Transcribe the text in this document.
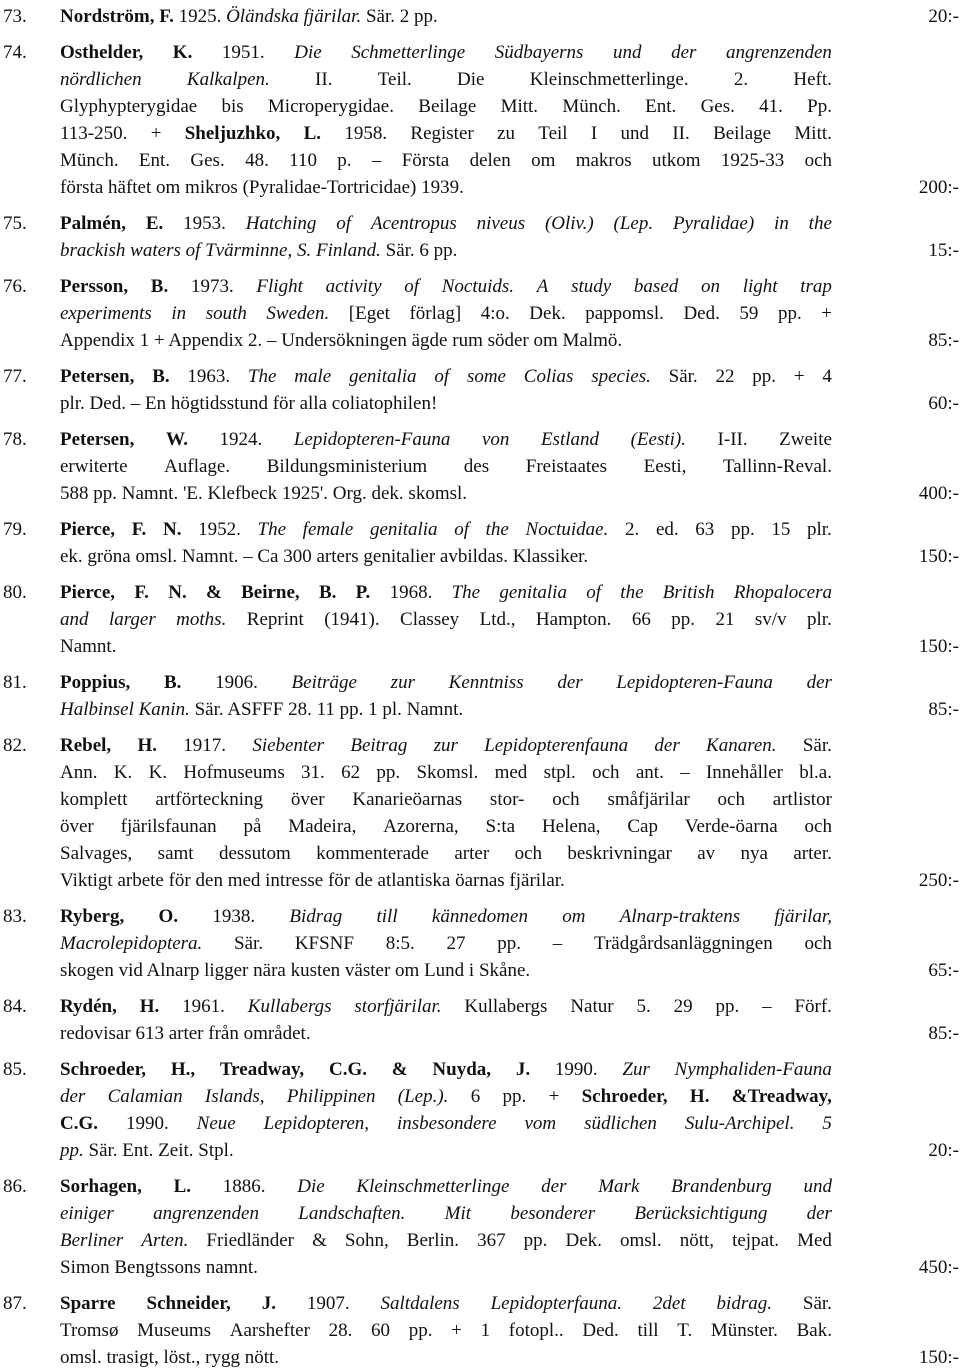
73. Nordström, F. 1925. Öländska fjärilar. Sär. 2 pp.	20:-
74. Osthelder, K. 1951. Die Schmetterlinge Südbayerns und der angrenzenden
nördlichen Kalkalpen. II. Teil. Die Kleinschmetterlinge. 2. Heft.
Glyphypterygidae bis Microperygidae. Beilage Mitt. Münch. Ent. Ges. 41. Pp.
113-250. + Sheljuzhko, L. 1958. Register zu Teil I und II. Beilage Mitt.
Münch. Ent. Ges. 48. 110 p. – Första delen om makros utkom 1925-33 och
första häftet om mikros (Pyralidae-Tortricidae) 1939.	200:-
75. Palmén, E. 1953. Hatching of Acentropus niveus (Oliv.) (Lep. Pyralidae) in the
brackish waters of Tvärminne, S. Finland. Sär. 6 pp.	15:-
76. Persson, B. 1973. Flight activity of Noctuids. A study based on light trap
experiments in south Sweden. [Eget förlag] 4:o. Dek. pappomsl. Ded. 59 pp. +
Appendix 1 + Appendix 2. – Undersökningen ägde rum söder om Malmö.	85:-
77. Petersen, B. 1963. The male genitalia of some Colias species. Sär. 22 pp. + 4
plr. Ded. – En högtidsstund för alla coliatophilen!	60:-
78. Petersen, W. 1924. Lepidopteren-Fauna von Estland (Eesti). I-II. Zweite
erwiterte Auflage. Bildungsministerium des Freistaates Eesti, Tallinn-Reval.
588 pp. Namnt. 'E. Klefbeck 1925'. Org. dek. skomsl.	400:-
79. Pierce, F. N. 1952. The female genitalia of the Noctuidae. 2. ed. 63 pp. 15 plr.
ek. gröna omsl. Namnt. – Ca 300 arters genitalier avbildas. Klassiker.	150:-
80. Pierce, F. N. & Beirne, B. P. 1968. The genitalia of the British Rhopalocera
and larger moths. Reprint (1941). Classey Ltd., Hampton. 66 pp. 21 sv/v plr.
Namnt.	150:-
81. Poppius, B. 1906. Beiträge zur Kenntniss der Lepidopteren-Fauna der
Halbinsel Kanin. Sär. ASFFF 28. 11 pp. 1 pl. Namnt.	85:-
82. Rebel, H. 1917. Siebenter Beitrag zur Lepidopterenfauna der Kanaren. Sär.
Ann. K. K. Hofmuseums 31. 62 pp. Skomsl. med stpl. och ant. – Innehåller bl.a.
komplett artförteckning över Kanarieöarnas stor- och småfjärilar och artlistor
över fjärilsfaunan på Madeira, Azorerna, S:ta Helena, Cap Verde-öarna och
Salvages, samt dessutom kommenterade arter och beskrivningar av nya arter.
Viktigt arbete för den med intresse för de atlantiska öarnas fjärilar.	250:-
83. Ryberg, O. 1938. Bidrag till kännedomen om Alnarp-traktens fjärilar,
Macrolepidoptera. Sär. KFSNF 8:5. 27 pp. – Trädgårdsanläggningen och
skogen vid Alnarp ligger nära kusten väster om Lund i Skåne.	65:-
84. Rydén, H. 1961. Kullabergs storfjärilar. Kullabergs Natur 5. 29 pp. – Förf.
redovisar 613 arter från området.	85:-
85. Schroeder, H., Treadway, C.G. & Nuyda, J. 1990. Zur Nymphaliden-Fauna
der Calamian Islands, Philippinen (Lep.). 6 pp. + Schroeder, H. &Treadway,
C.G. 1990. Neue Lepidopteren, insbesondere vom südlichen Sulu-Archipel. 5
pp. Sär. Ent. Zeit. Stpl.	20:-
86. Sorhagen, L. 1886. Die Kleinschmetterlinge der Mark Brandenburg und
einiger angrenzenden Landschaften. Mit besonderer Berücksichtigung der
Berliner Arten. Friedländer & Sohn, Berlin. 367 pp. Dek. omsl. nött, tejpat. Med
Simon Bengtssons namnt.	450:-
87. Sparre Schneider, J. 1907. Saltdalens Lepidopterfauna. 2det bidrag. Sär.
Tromsø Museums Aarshefter 28. 60 pp. + 1 fotopl.. Ded. till T. Münster. Bak.
omsl. trasigt, löst., rygg nött.	150:-
